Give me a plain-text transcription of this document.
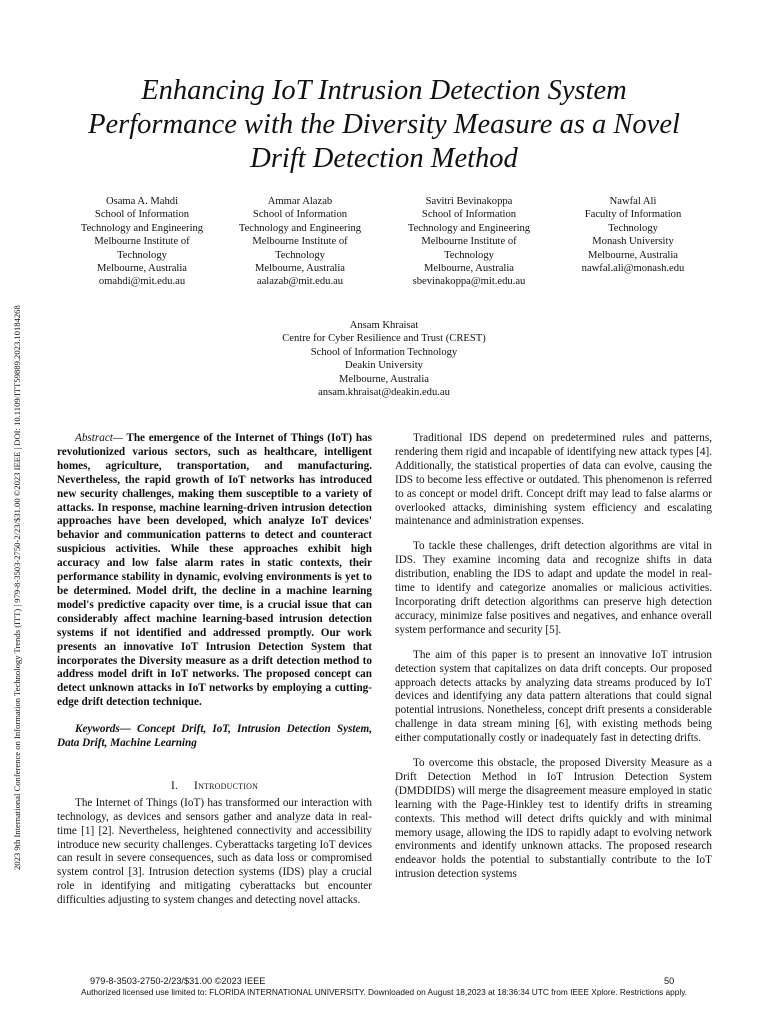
2023 9th International Conference on Information Technology Trends (ITT) | 979-8-3503-2750-2/23/$31.00 ©2023 IEEE | DOI: 10.1109/ITT59889.2023.10184268
Enhancing IoT Intrusion Detection System
Performance with the Diversity Measure as a Novel
Drift Detection Method
Osama A. Mahdi
School of Information
Technology and Engineering
Melbourne Institute of
Technology
Melbourne, Australia
omahdi@mit.edu.au
Ammar Alazab
School of Information
Technology and Engineering
Melbourne Institute of
Technology
Melbourne, Australia
aalazab@mit.edu.au
Savitri Bevinakoppa
School of Information
Technology and Engineering
Melbourne Institute of
Technology
Melbourne, Australia
sbevinakoppa@mit.edu.au
Nawfal Ali
Faculty of Information
Technology
Monash University
Melbourne, Australia
nawfal.ali@monash.edu
Ansam Khraisat
Centre for Cyber Resilience and Trust (CREST)
School of Information Technology
Deakin University
Melbourne, Australia
ansam.khraisat@deakin.edu.au

Abstract— The emergence of the Internet of Things (IoT) has revolutionized various sectors, such as healthcare, intelligent homes, agriculture, transportation, and manufacturing. Nevertheless, the rapid growth of IoT networks has introduced new security challenges, making them susceptible to a variety of attacks. In response, machine learning-driven intrusion detection approaches have been developed, which analyze IoT devices' behavior and communication patterns to detect and counteract suspicious activities. While these approaches exhibit high accuracy and low false alarm rates in static contexts, their performance stability in dynamic, evolving environments is yet to be determined. Model drift, the decline in a machine learning model's predictive capacity over time, is a crucial issue that can considerably affect machine learning-based intrusion detection systems if not identified and addressed promptly. Our work presents an innovative IoT Intrusion Detection System that incorporates the Diversity measure as a drift detection method to address model drift in IoT networks. The proposed concept can detect unknown attacks in IoT networks by employing a cutting-edge drift detection technique.

Keywords— Concept Drift, IoT, Intrusion Detection System, Data Drift, Machine Learning

I. Introduction

The Internet of Things (IoT) has transformed our interaction with technology, as devices and sensors gather and analyze data in real-time [1] [2]. Nevertheless, heightened connectivity and accessibility introduce new security challenges. Cyberattacks targeting IoT devices can result in severe consequences, such as data loss or compromised system control [3]. Intrusion detection systems (IDS) play a crucial role in identifying and mitigating cyberattacks but encounter difficulties adjusting to system changes and detecting novel attacks.

Traditional IDS depend on predetermined rules and patterns, rendering them rigid and incapable of identifying new attack types [4]. Additionally, the statistical properties of data can evolve, causing the IDS to become less effective or outdated. This phenomenon is referred to as concept or model drift. Concept drift may lead to false alarms or overlooked attacks, diminishing system efficiency and escalating maintenance and administration expenses.

To tackle these challenges, drift detection algorithms are vital in IDS. They examine incoming data and recognize shifts in data distribution, enabling the IDS to adapt and update the model in real-time to identify and categorize anomalies or malicious activities. Incorporating drift detection algorithms can preserve high detection accuracy, minimize false positives and negatives, and enhance overall system performance and security [5].

The aim of this paper is to present an innovative IoT intrusion detection system that capitalizes on data drift concepts. Our proposed approach detects attacks by analyzing data streams produced by IoT devices and identifying any data pattern alterations that could signal potential intrusions. Nonetheless, concept drift presents a considerable challenge in data stream mining [6], with existing methods being either computationally costly or inadequately fast in detecting drifts.

To overcome this obstacle, the proposed Diversity Measure as a Drift Detection Method in IoT Intrusion Detection System (DMDDIDS) will merge the disagreement measure employed in static learning with the Page-Hinkley test to identify drifts in streaming contexts. This method will detect drifts quickly and with minimal memory usage, allowing the IDS to rapidly adapt to evolving network environments and identify unknown attacks. The proposed research endeavor holds the potential to substantially contribute to the IoT intrusion detection systems

979-8-3503-2750-2/23/$31.00 ©2023 IEEE	50
Authorized licensed use limited to: FLORIDA INTERNATIONAL UNIVERSITY. Downloaded on August 18,2023 at 18:36:34 UTC from IEEE Xplore. Restrictions apply.
